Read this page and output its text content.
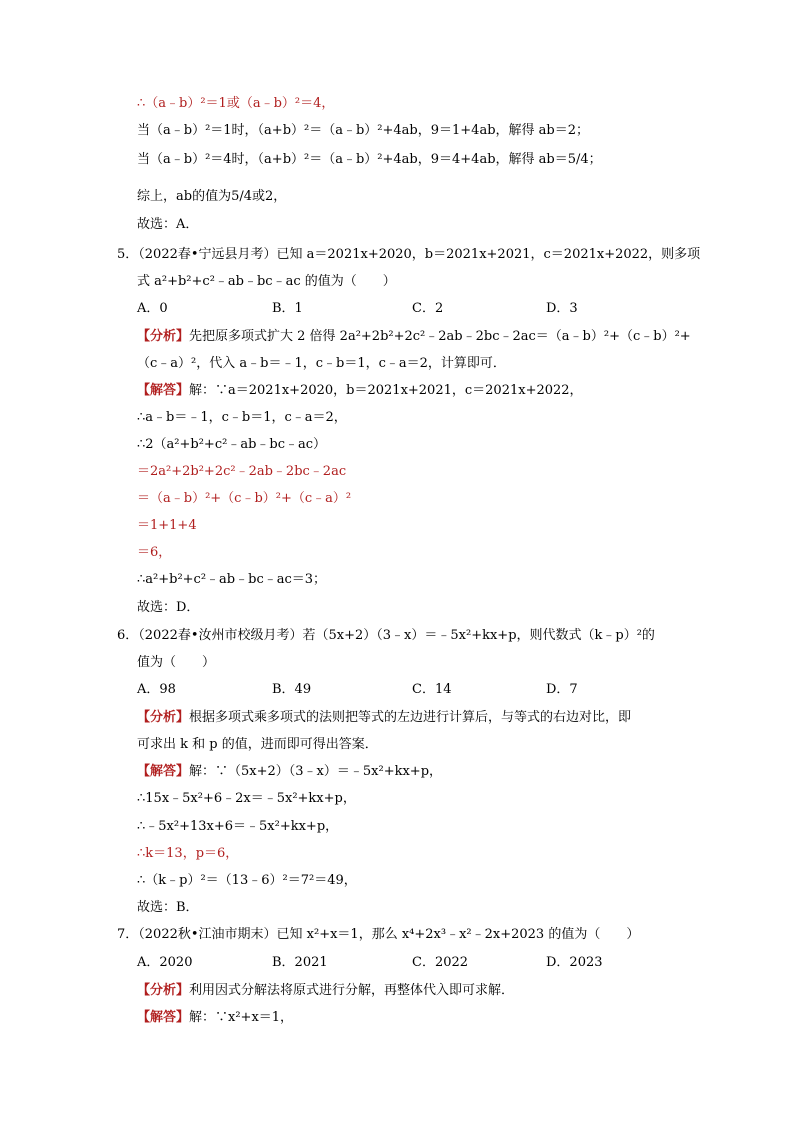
∴（a﹣b）²＝1或（a﹣b）²＝4，
当（a﹣b）²＝1时，（a+b）²＝（a﹣b）²+4ab，9＝1+4ab，解得 ab＝2；
当（a﹣b）²＝4时，（a+b）²＝（a﹣b）²+4ab，9＝4+4ab，解得 ab＝5/4；
综上，ab的值为5/4或2，
故选：A．
5．（2022春•宁远县月考）已知 a＝2021x+2020，b＝2021x+2021，c＝2021x+2022，则多项
式 a²+b²+c²﹣ab﹣bc﹣ac 的值为（　　）
A．0	B．1	C．2	D．3
【分析】先把原多项式扩大 2 倍得 2a²+2b²+2c²﹣2ab﹣2bc﹣2ac＝（a﹣b）²+（c﹣b）²+
（c﹣a）²，代入 a﹣b＝﹣1，c﹣b＝1，c﹣a＝2，计算即可．
【解答】解：∵a＝2021x+2020，b＝2021x+2021，c＝2021x+2022，
∴a﹣b＝﹣1，c﹣b＝1，c﹣a＝2，
∴2（a²+b²+c²﹣ab﹣bc﹣ac）
＝2a²+2b²+2c²﹣2ab﹣2bc﹣2ac
＝（a﹣b）²+（c﹣b）²+（c﹣a）²
＝1+1+4
＝6，
∴a²+b²+c²﹣ab﹣bc﹣ac＝3；
故选：D．
6．（2022春•汝州市校级月考）若（5x+2）（3﹣x）＝﹣5x²+kx+p，则代数式（k﹣p）²的
值为（　　）
A．98	B．49	C．14	D．7
【分析】根据多项式乘多项式的法则把等式的左边进行计算后，与等式的右边对比，即
可求出 k 和 p 的值，进而即可得出答案．
【解答】解：∵（5x+2）（3﹣x）＝﹣5x²+kx+p，
∴15x﹣5x²+6﹣2x＝﹣5x²+kx+p，
∴﹣5x²+13x+6＝﹣5x²+kx+p，
∴k＝13，p＝6，
∴（k﹣p）²＝（13﹣6）²＝7²＝49，
故选：B．
7．（2022秋•江油市期末）已知 x²+x＝1，那么 x⁴+2x³﹣x²﹣2x+2023 的值为（　　）
A．2020	B．2021	C．2022	D．2023
【分析】利用因式分解法将原式进行分解，再整体代入即可求解．
【解答】解：∵x²+x＝1，
